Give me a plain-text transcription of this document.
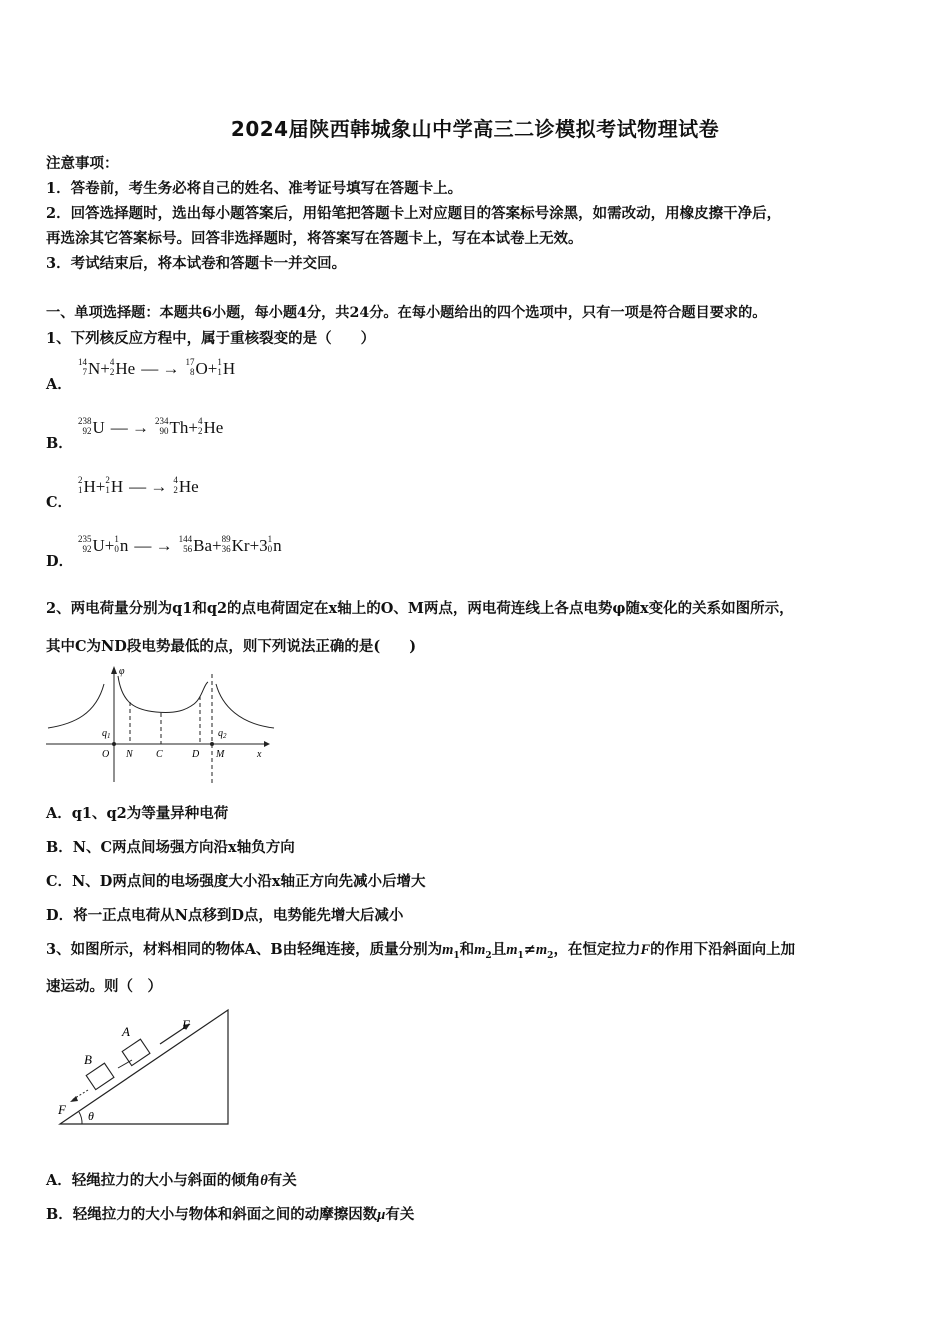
2024届陕西韩城象山中学高三二诊模拟考试物理试卷
注意事项：
1．答卷前，考生务必将自己的姓名、准考证号填写在答题卡上。
2．回答选择题时，选出每小题答案后，用铅笔把答题卡上对应题目的答案标号涂黑，如需改动，用橡皮擦干净后，
再选涂其它答案标号。回答非选择题时，将答案写在答题卡上，写在本试卷上无效。
3．考试结束后，将本试卷和答题卡一并交回。
一、单项选择题：本题共6小题，每小题4分，共24分。在每小题给出的四个选项中，只有一项是符合题目要求的。
1、下列核反应方程中，属于重核裂变的是（　　）
A．
14
7 N+ 4
2 He — → 17
8 O+ 1
1 H
B．
238
92 U — → 234
90 Th+ 4
2 He
C．
2
1 H+ 2
1 H — → 4
2 He
D．
235
92 U+ 1
0 n — → 144
56 Ba+ 89
36 Kr+3 1
0 n
2、两电荷量分别为q1和q2的点电荷固定在x轴上的O、M两点，两电荷连线上各点电势φ随x变化的关系如图所示，
其中C为ND段电势最低的点，则下列说法正确的是(　　)
φ
x
$q_1$	$q_2$
O N C	D M
A．q1、q2为等量异种电荷
B．N、C两点间场强方向沿x轴负方向
C．N、D两点间的电场强度大小沿x轴正方向先减小后增大
D．将一正点电荷从N点移到D点，电势能先增大后减小
3、如图所示，材料相同的物体A、B由轻绳连接，质量分别为$m_1$和$m_2$且$m_1\ne m_2$，在恒定拉力F的作用下沿斜面向上加
速运动。则（　）
A
B
F
F θ
A．轻绳拉力的大小与斜面的倾角θ有关
B．轻绳拉力的大小与物体和斜面之间的动摩擦因数μ有关
